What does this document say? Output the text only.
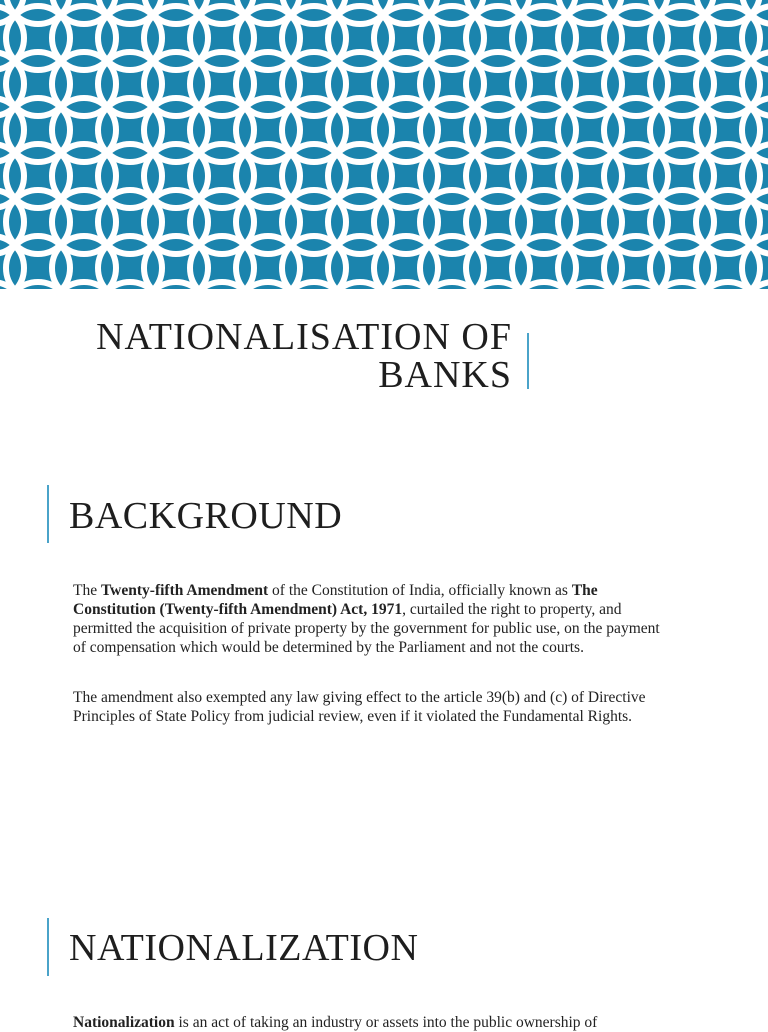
NATIONALISATION OF
BANKS
BACKGROUND

The Twenty-fifth Amendment of the Constitution of India, officially known as The Constitution (Twenty-fifth Amendment) Act, 1971, curtailed the right to property, and permitted the acquisition of private property by the government for public use, on the payment of compensation which would be determined by the Parliament and not the courts.

The amendment also exempted any law giving effect to the article 39(b) and (c) of Directive Principles of State Policy from judicial review, even if it violated the Fundamental Rights.

NATIONALIZATION

Nationalization is an act of taking an industry or assets into the public ownership of
